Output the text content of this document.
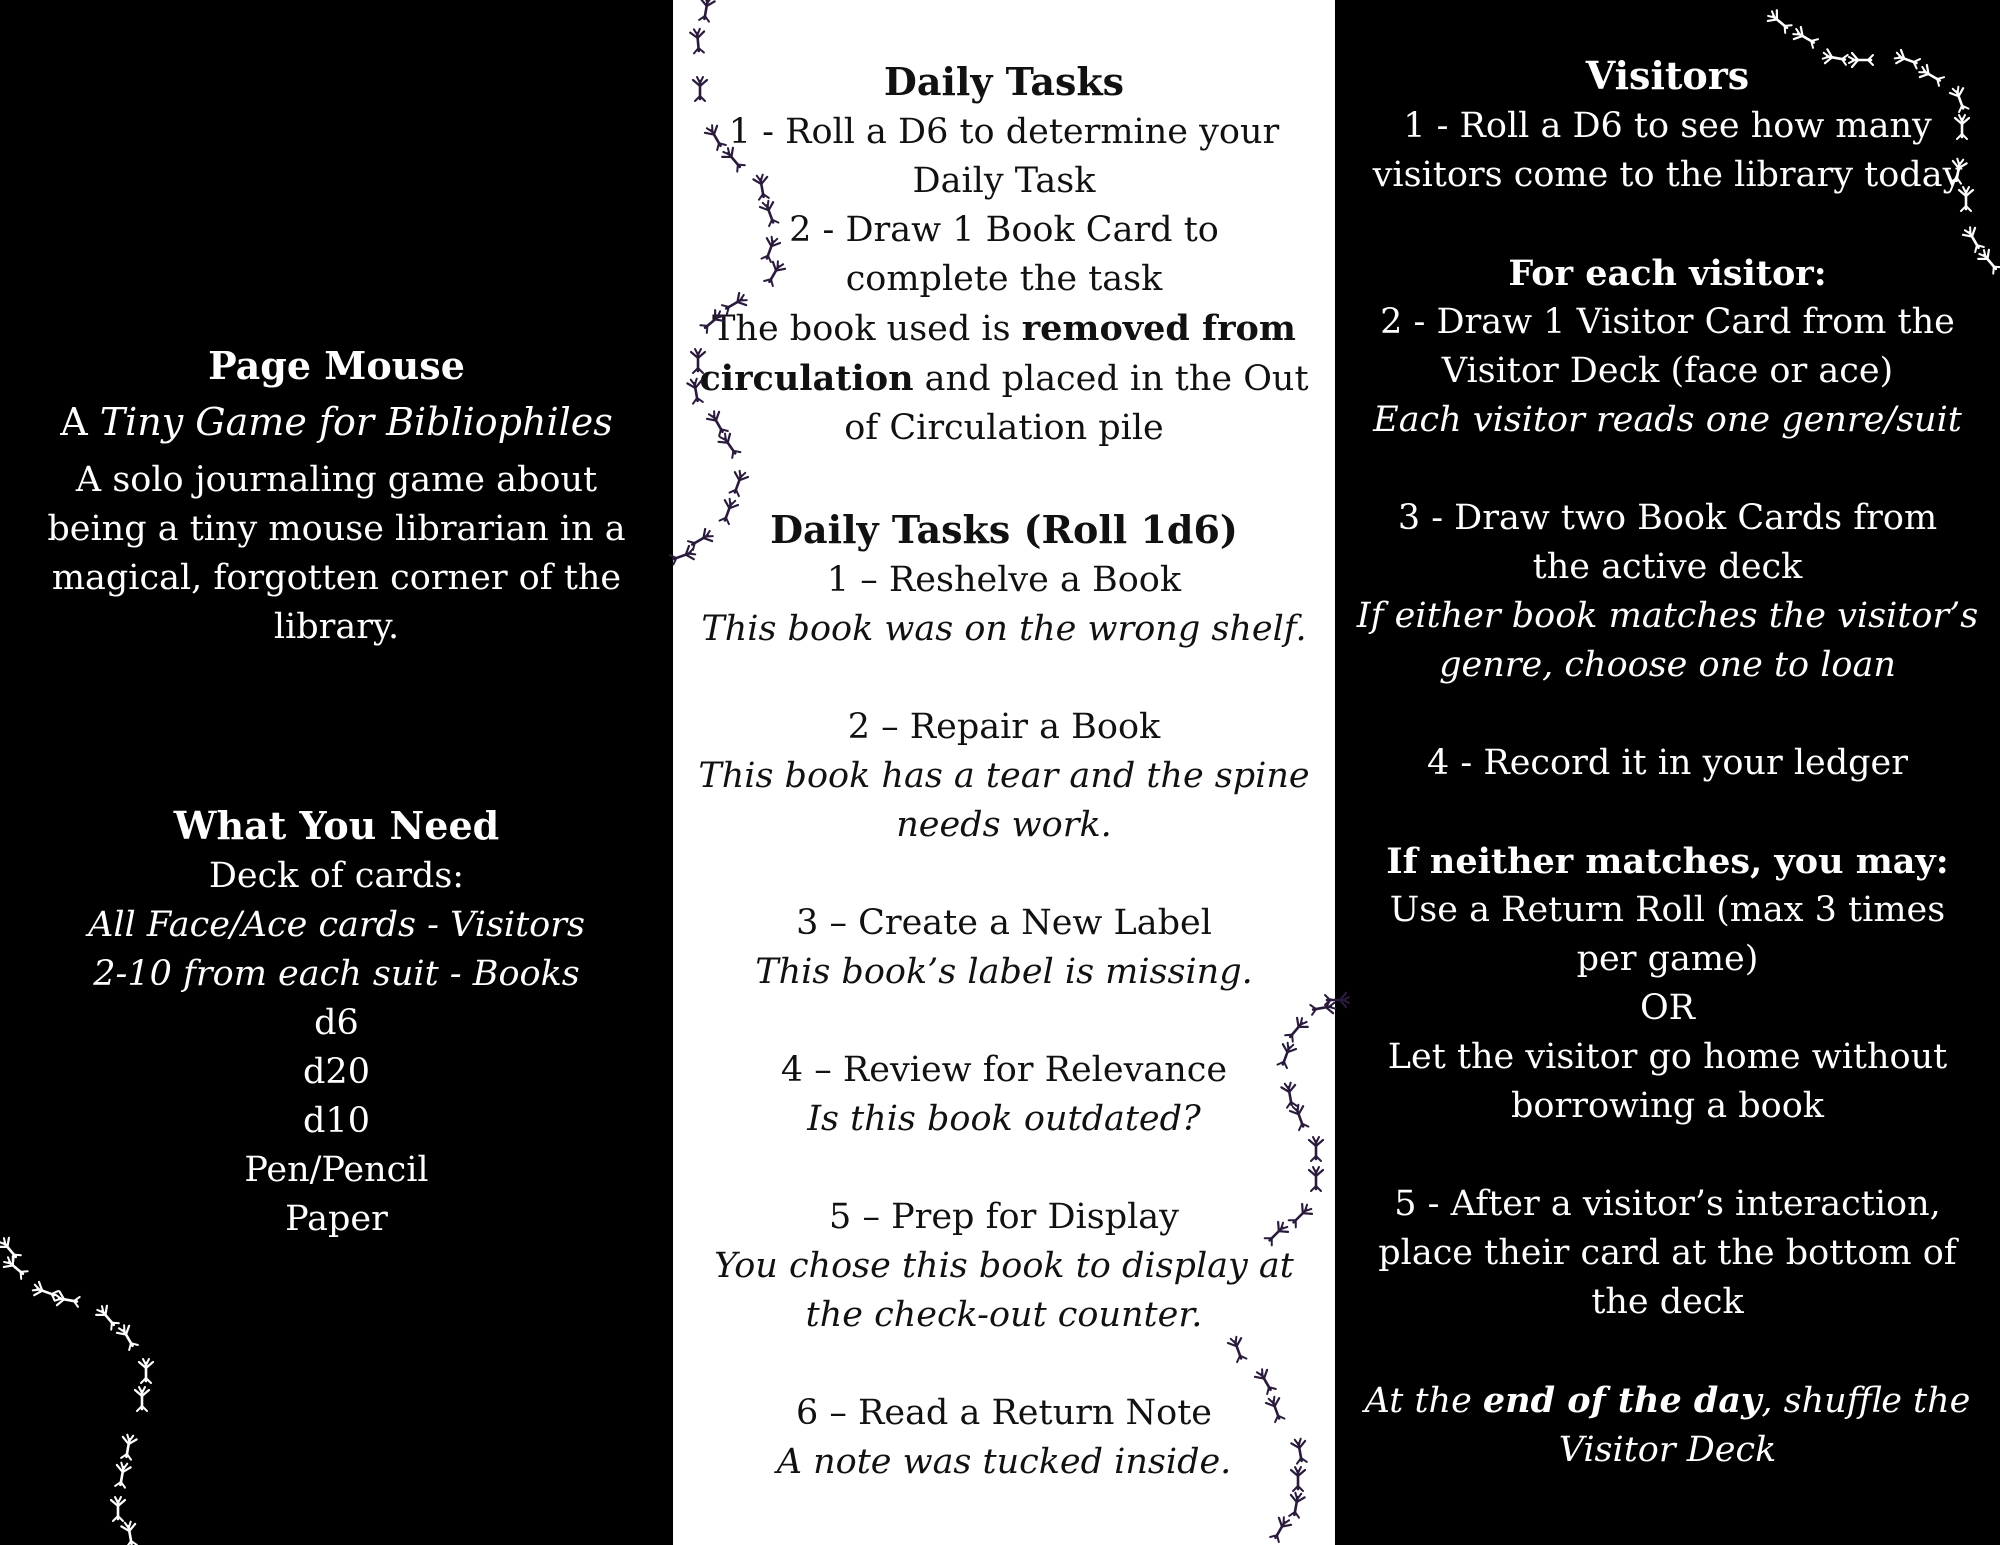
Page Mouse
A Tiny Game for Bibliophiles
A solo journaling game about
being a tiny mouse librarian in a
magical, forgotten corner of the
library.
What You Need
Deck of cards:
All Face/Ace cards - Visitors
2-10 from each suit - Books
d6
d20
d10
Pen/Pencil
Paper
Daily Tasks
1 - Roll a D6 to determine your
Daily Task
2 - Draw 1 Book Card to
complete the task
The book used is removed from
circulation and placed in the Out
of Circulation pile
Daily Tasks (Roll 1d6)
1 – Reshelve a Book
This book was on the wrong shelf.
2 – Repair a Book
This book has a tear and the spine
needs work.
3 – Create a New Label
This book’s label is missing.
4 – Review for Relevance
Is this book outdated?
5 – Prep for Display
You chose this book to display at
the check-out counter.
6 – Read a Return Note
A note was tucked inside.
Visitors
1 - Roll a D6 to see how many
visitors come to the library today
For each visitor:
2 - Draw 1 Visitor Card from the
Visitor Deck (face or ace)
Each visitor reads one genre/suit
3 - Draw two Book Cards from
the active deck
If either book matches the visitor’s
genre, choose one to loan
4 - Record it in your ledger
If neither matches, you may:
Use a Return Roll (max 3 times
per game)
OR
Let the visitor go home without
borrowing a book
5 - After a visitor’s interaction,
place their card at the bottom of
the deck
At the end of the day, shuffle the
Visitor Deck
